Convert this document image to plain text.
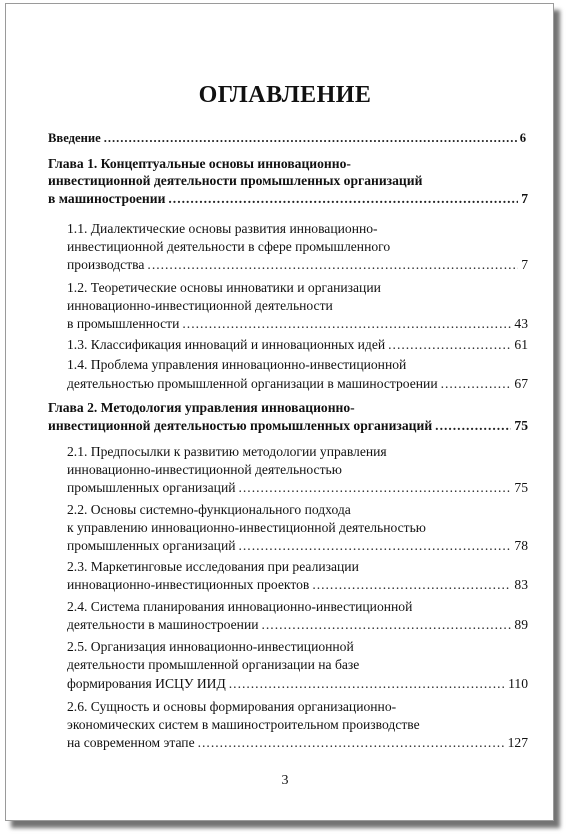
ОГЛАВЛЕНИЕ
Введение .....	6
Глава 1. Концептуальные основы инновационно-
инвестиционной деятельности промышленных организаций
в машиностроении .....	7
1.1. Диалектические основы развития инновационно-
инвестиционной деятельности в сфере промышленного
производства .....	7
1.2. Теоретические основы инноватики и организации
инновационно-инвестиционной деятельности
в промышленности .....	43
1.3. Классификация инноваций и инновационных идей .....	61
1.4. Проблема управления инновационно-инвестиционной
деятельностью промышленной организации в машиностроении .....	67
Глава 2. Методология управления инновационно-
инвестиционной деятельностью промышленных организаций .....	75
2.1. Предпосылки к развитию методологии управления
инновационно-инвестиционной деятельностью
промышленных организаций .....	75
2.2. Основы системно-функционального подхода
к управлению инновационно-инвестиционной деятельностью
промышленных организаций .....	78
2.3. Маркетинговые исследования при реализации
инновационно-инвестиционных проектов .....	83
2.4. Система планирования инновационно-инвестиционной
деятельности в машиностроении .....	89
2.5. Организация инновационно-инвестиционной
деятельности промышленной организации на базе
формирования ИСЦУ ИИД .....	110
2.6. Сущность и основы формирования организационно-
экономических систем в машиностроительном производстве
на современном этапе .....	127
3
